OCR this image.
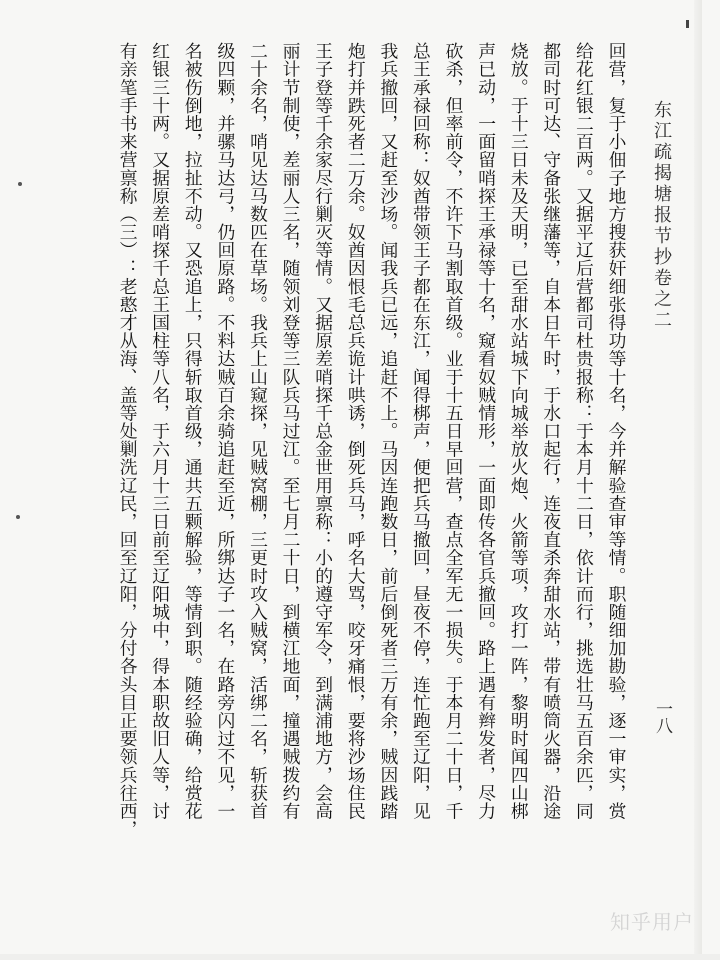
东江疏揭塘报节抄卷之二
一八
回营，复于小佃子地方搜获奸细张得功等十名，今并解验查审等情。职随细加勘验，逐一审实，赏
给花红银二百两。又据平辽后营都司杜贵报称：于本月十二日，依计而行，挑选壮马五百余匹，同
都司时可达、守备张继藩等，自本日午时，于水口起行，连夜直杀奔甜水站，带有喷筒火器，沿途
烧放。于十三日未及天明，已至甜水站城下向城举放火炮、火箭等项，攻打一阵，黎明时闻四山梆
声已动，一面留哨探王承禄等十名，窥看奴贼情形，一面即传各官兵撤回。路上遇有辫发者，尽力
砍杀，但率前令，不许下马割取首级。业于十五日早回营，查点全军无一损失。于本月二十日，千
总王承禄回称：奴酋带领王子都在东江，闻得梆声，便把兵马撤回，昼夜不停，连忙跑至辽阳，见
我兵撤回，又赶至沙场。闻我兵已远，追赶不上。马因连跑数日，前后倒死者三万有余，贼因践踏
炮打并跌死者二万余。奴酋因恨毛总兵诡计哄诱，倒死兵马，呼名大骂，咬牙痛恨，要将沙场住民
王子登等千余家尽行剿灭等情。又据原差哨探千总金世用禀称：小的遵守军令，到满浦地方，会高
丽计节制使，差丽人三名，随领刘登等三队兵马过江。至七月二十日，到横江地面，撞遇贼拨约有
二十余名，哨见达马数匹在草场。我兵上山窥探，见贼窝棚，三更时攻入贼窝，活绑二名，斩获首
级四颗，并骡马达弓，仍回原路。不料达贼百余骑追赶至近，所绑达子一名，在路旁闪过不见，一
名被伤倒地，拉扯不动。又恐追上，只得斩取首级，通共五颗解验，等情到职。随经验确，给赏花
红银三十两。又据原差哨探千总王国柱等八名，于六月十三日前至辽阳城中，得本职故旧人等，讨
有亲笔手书来营禀称（三）：老憨才从海、盖等处剿洗辽民，回至辽阳，分付各头目正要领兵往西，
知乎用户
